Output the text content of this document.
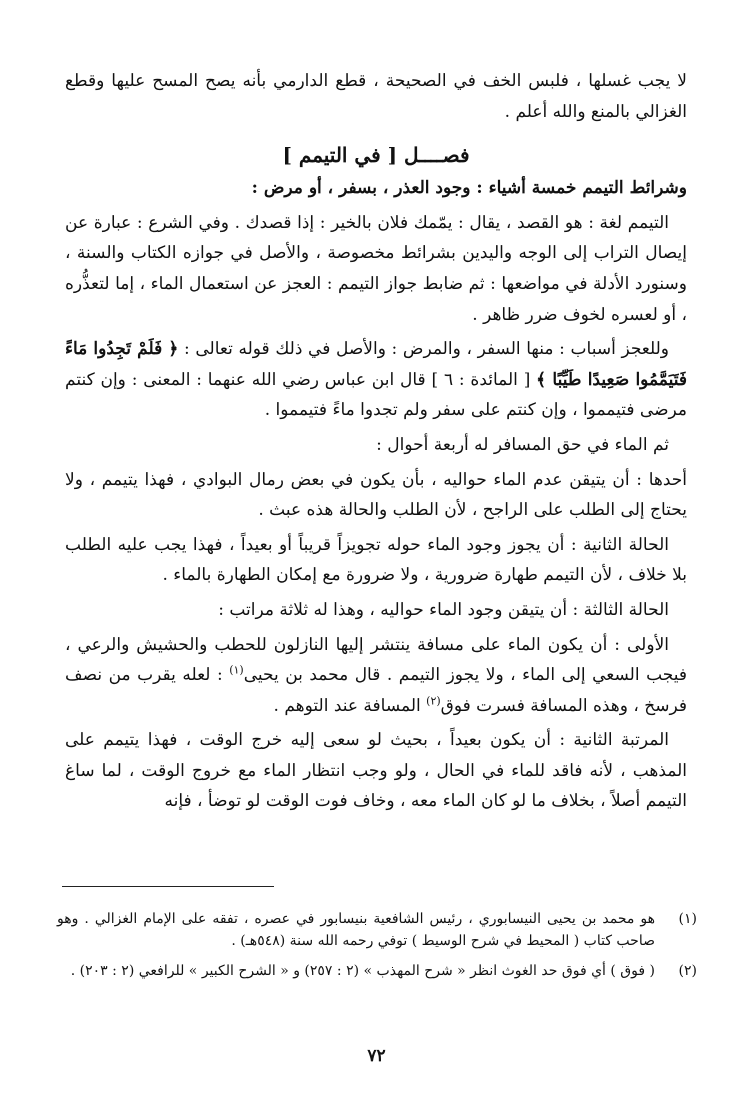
لا يجب غسلها ، فلبس الخف في الصحيحة ، قطع الدارمي بأنه يصح المسح عليها وقطع الغزالي بالمنع والله أعلم .

فصــــل [ في التيمم ]

وشرائط التيمم خمسة أشياء : وجود العذر ، بسفر ، أو مرض :

التيمم لغة : هو القصد ، يقال : يمّمك فلان بالخير : إذا قصدك . وفي الشرع : عبارة عن إيصال التراب إلى الوجه واليدين بشرائط مخصوصة ، والأصل في جوازه الكتاب والسنة ، وسنورد الأدلة في مواضعها : ثم ضابط جواز التيمم : العجز عن استعمال الماء ، إما لتعذُّره ، أو لعسره لخوف ضرر ظاهر .

وللعجز أسباب : منها السفر ، والمرض : والأصل في ذلك قوله تعالى : ﴿ فَلَمْ تَجِدُوا مَاءً فَتَيَمَّمُوا صَعِيدًا طَيِّبًا ﴾ [ المائدة : ٦ ] قال ابن عباس رضي الله عنهما : المعنى : وإن كنتم مرضى فتيمموا ، وإن كنتم على سفر ولم تجدوا ماءً فتيمموا .

ثم الماء في حق المسافر له أربعة أحوال :

أحدها : أن يتيقن عدم الماء حواليه ، بأن يكون في بعض رمال البوادي ، فهذا يتيمم ، ولا يحتاج إلى الطلب على الراجح ، لأن الطلب والحالة هذه عبث .

الحالة الثانية : أن يجوز وجود الماء حوله تجويزاً قريباً أو بعيداً ، فهذا يجب عليه الطلب بلا خلاف ، لأن التيمم طهارة ضرورية ، ولا ضرورة مع إمكان الطهارة بالماء .

الحالة الثالثة : أن يتيقن وجود الماء حواليه ، وهذا له ثلاثة مراتب :

الأولى : أن يكون الماء على مسافة ينتشر إليها النازلون للحطب والحشيش والرعي ، فيجب السعي إلى الماء ، ولا يجوز التيمم . قال محمد بن يحيى$^{(١)}$ : لعله يقرب من نصف فرسخ ، وهذه المسافة فسرت فوق$^{(٢)}$ المسافة عند التوهم .

المرتبة الثانية : أن يكون بعيداً ، بحيث لو سعى إليه خرج الوقت ، فهذا يتيمم على المذهب ، لأنه فاقد للماء في الحال ، ولو وجب انتظار الماء مع خروج الوقت ، لما ساغ التيمم أصلاً ، بخلاف ما لو كان الماء معه ، وخاف فوت الوقت لو توضأ ، فإنه

(١)
هو محمد بن يحيى النيسابوري ، رئيس الشافعية بنيسابور في عصره ، تفقه على الإمام الغزالي . وهو صاحب كتاب ( المحيط في شرح الوسيط ) توفي رحمه الله سنة (٥٤٨هـ) .
(٢)
( فوق ) أي فوق حد الغوث انظر « شرح المهذب » (٢ : ٢٥٧) و « الشرح الكبير » للرافعي (٢ : ٢٠٣) .
٧٢
